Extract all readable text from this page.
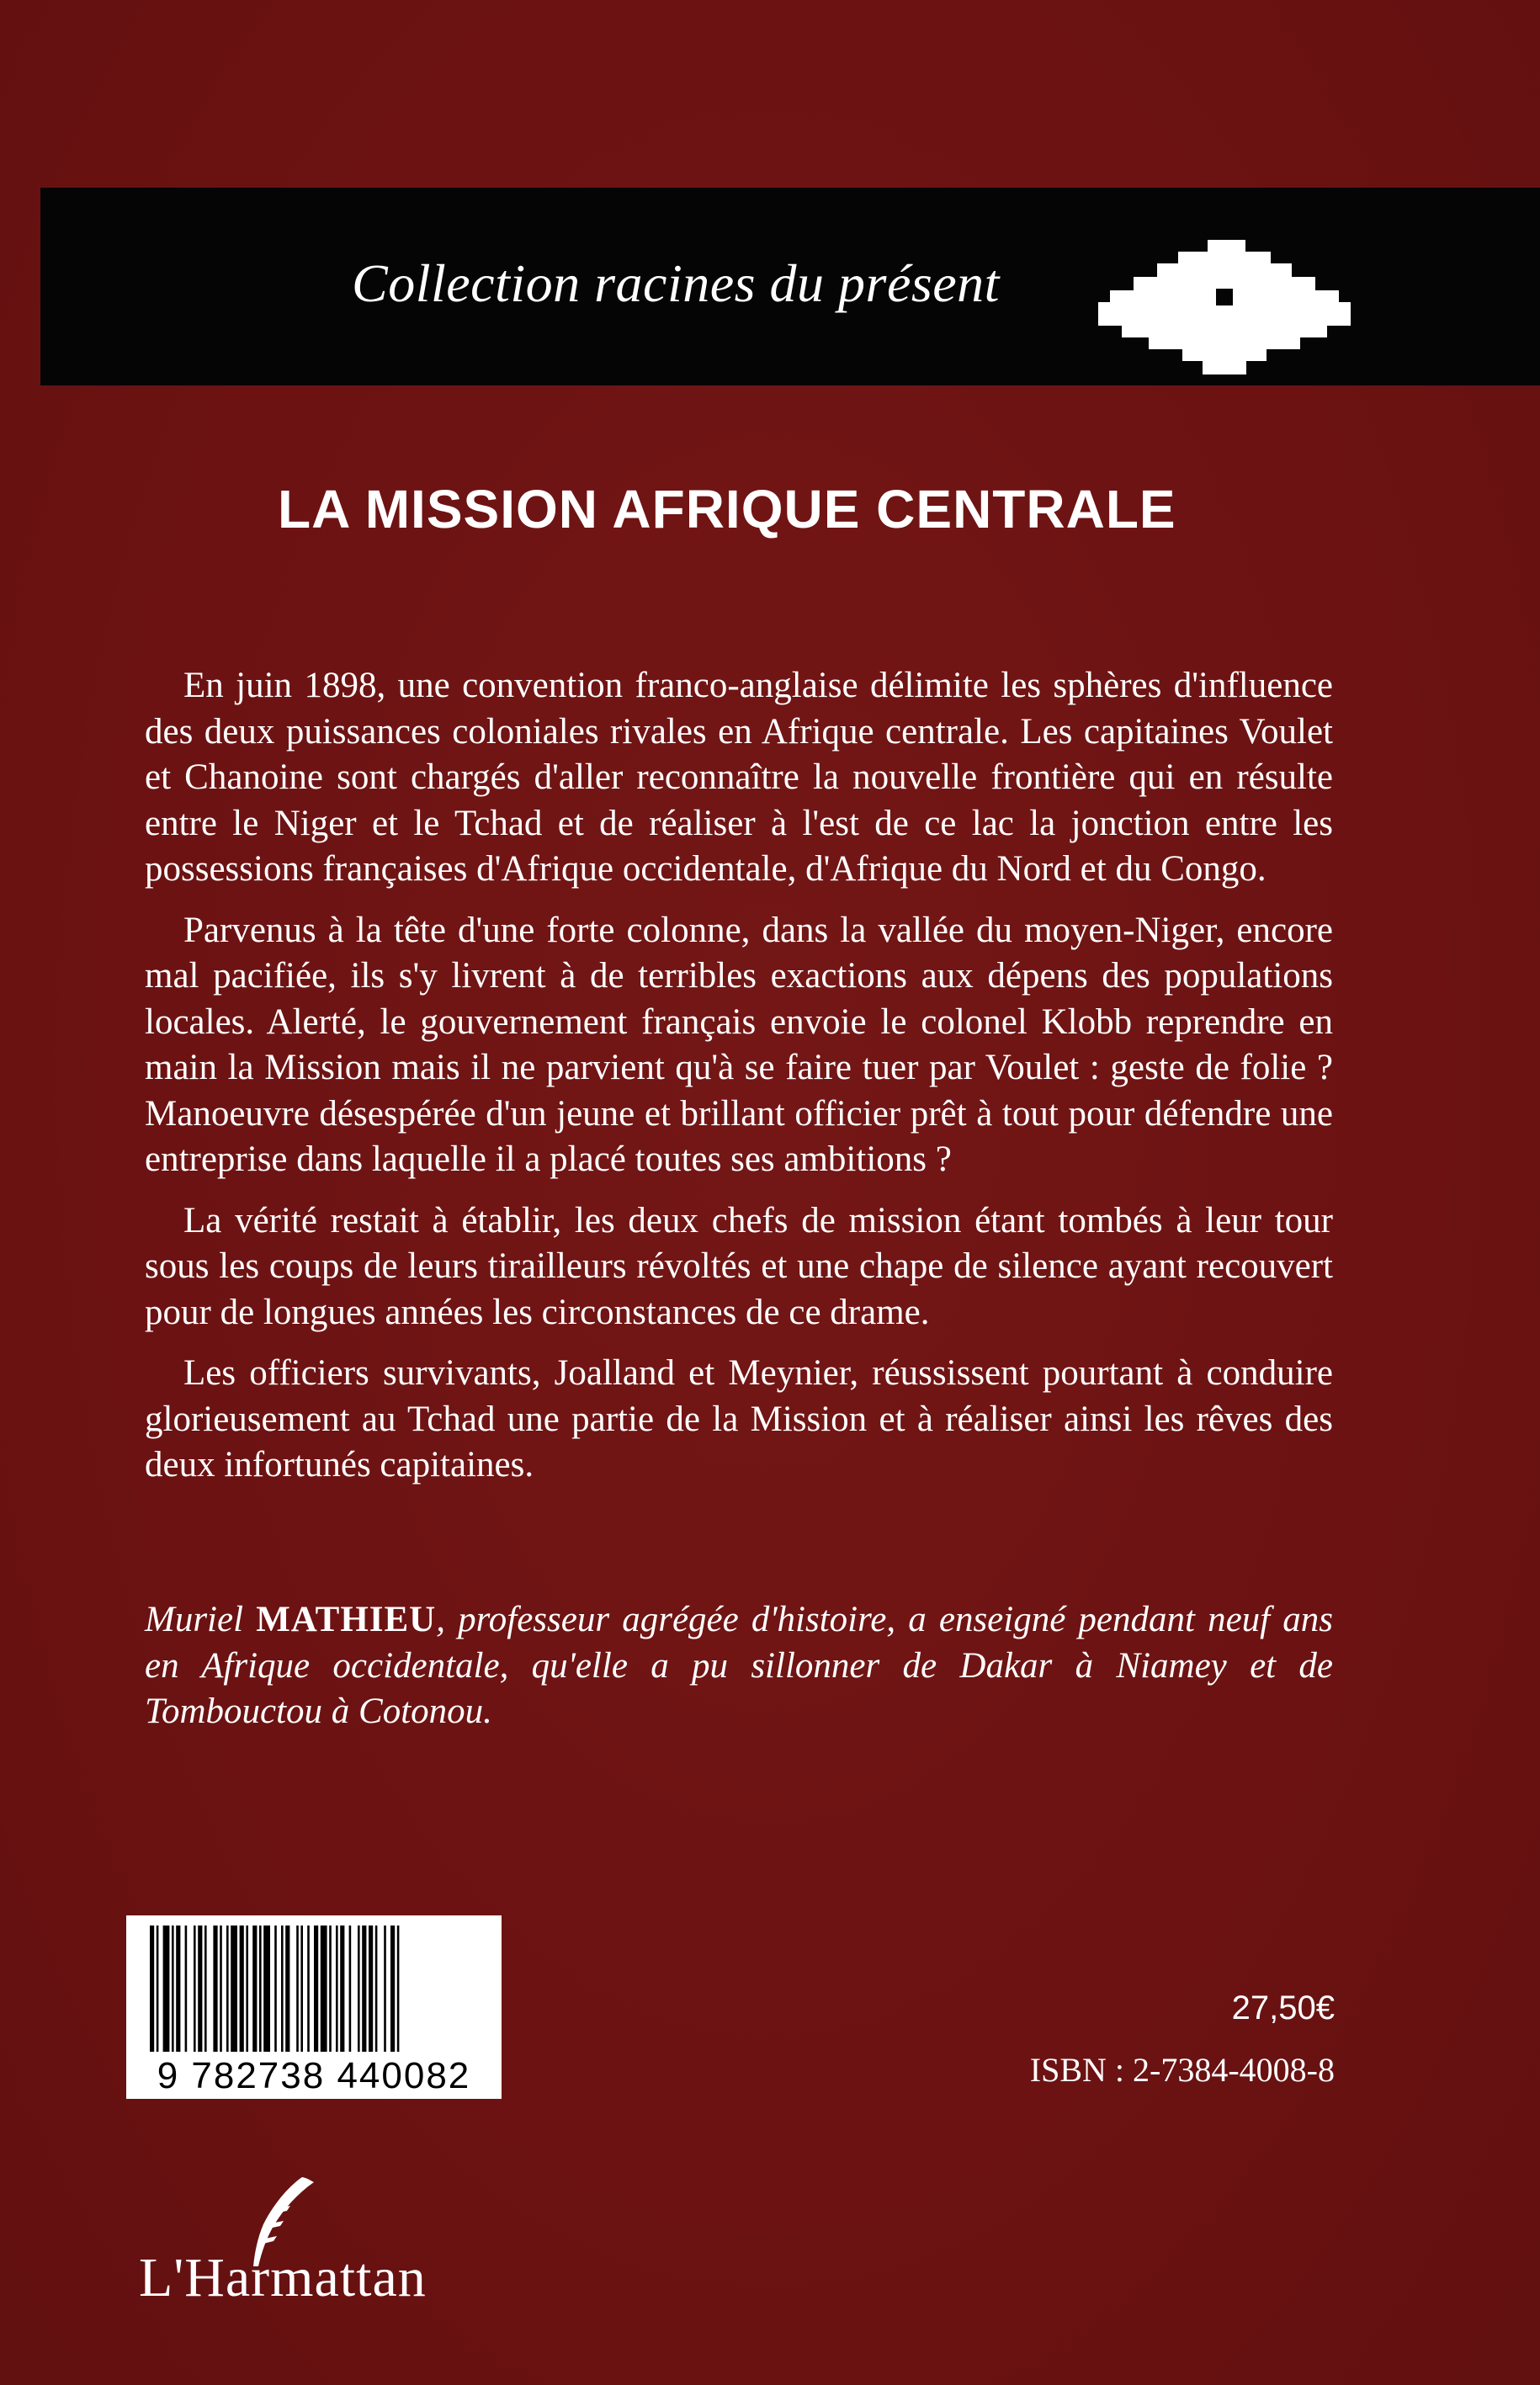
Collection racines du présent
LA MISSION AFRIQUE CENTRALE

En juin 1898, une convention franco-anglaise délimite les sphères d'influence des deux puissances coloniales rivales en Afrique centrale. Les capitaines Voulet et Chanoine sont chargés d'aller reconnaître la nouvelle frontière qui en résulte entre le Niger et le Tchad et de réaliser à l'est de ce lac la jonction entre les possessions françaises d'Afrique occidentale, d'Afrique du Nord et du Congo.

Parvenus à la tête d'une forte colonne, dans la vallée du moyen-Niger, encore mal pacifiée, ils s'y livrent à de terribles exactions aux dépens des populations locales. Alerté, le gouvernement français envoie le colonel Klobb reprendre en main la Mission mais il ne parvient qu'à se faire tuer par Voulet : geste de folie ? Manoeuvre désespérée d'un jeune et brillant officier prêt à tout pour défendre une entreprise dans laquelle il a placé toutes ses ambitions ?

La vérité restait à établir, les deux chefs de mission étant tombés à leur tour sous les coups de leurs tirailleurs révoltés et une chape de silence ayant recouvert pour de longues années les circonstances de ce drame.

Les officiers survivants, Joalland et Meynier, réussissent pourtant à conduire glorieusement au Tchad une partie de la Mission et à réaliser ainsi les rêves des deux infortunés capitaines.

Muriel MATHIEU, professeur agrégée d'histoire, a enseigné pendant neuf ans en Afrique occidentale, qu'elle a pu sillonner de Dakar à Niamey et de Tombouctou à Cotonou.
9 782738 440082
27,50€
ISBN : 2-7384-4008-8
L'Harmattan
